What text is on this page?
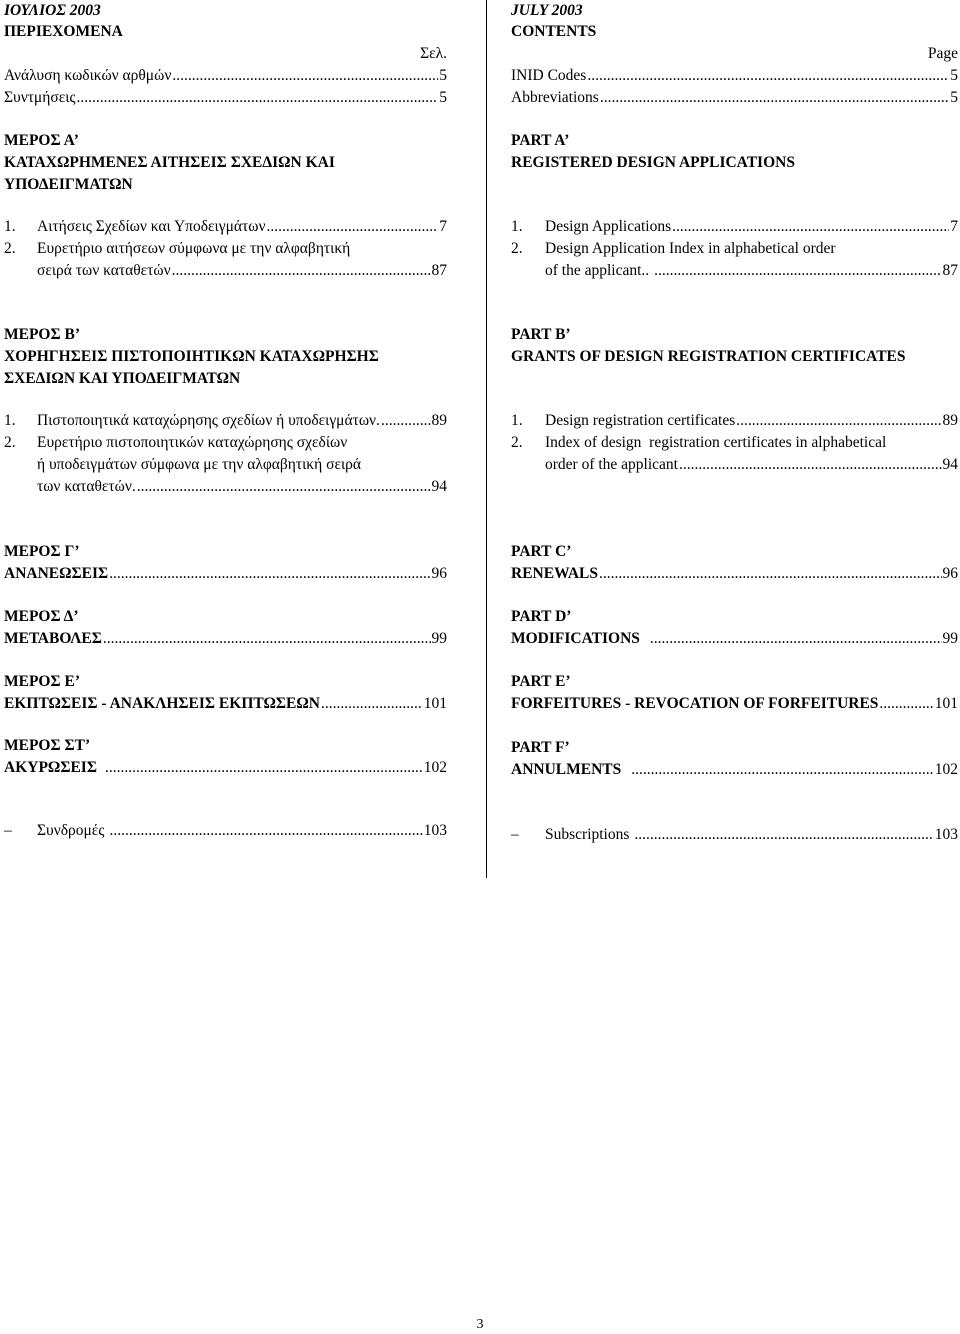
ΙΟΥΛΙΟΣ 2003
ΠΕΡΙΕΧΟΜΕΝΑ
Σελ.
Ανάλυση κωδικών αρθμών .....	5
Συντμήσεις .....	5
ΜΕΡΟΣ Α’
ΚΑΤΑΧΩΡΗΜΕΝΕΣ ΑΙΤΗΣΕΙΣ ΣΧΕΔΙΩΝ ΚΑΙ
ΥΠΟΔΕΙΓΜΑΤΩΝ
1.	Αιτήσεις Σχεδίων και Υποδειγμάτων .....	7
2. Ευρετήριο αιτήσεων σύμφωνα με την αλφαβητική
σειρά των καταθετών .....	87
ΜΕΡΟΣ Β’
ΧΟΡΗΓΗΣΕΙΣ ΠΙΣΤΟΠΟΙΗΤΙΚΩΝ ΚΑΤΑΧΩΡΗΣΗΣ
ΣΧΕΔΙΩΝ ΚΑΙ ΥΠΟΔΕΙΓΜΑΤΩΝ
1.	Πιστοποιητικά καταχώρησης σχεδίων ή υποδειγμάτων. .....	89
2. Ευρετήριο πιστοποιητικών καταχώρησης σχεδίων
ή υποδειγμάτων σύμφωνα με την αλφαβητική σειρά
των καταθετών. .....	94
ΜΕΡΟΣ Γ’
ΑΝΑΝΕΩΣΕΙΣ .....	96
ΜΕΡΟΣ Δ’
ΜΕΤΑΒΟΛΕΣ .....	99
ΜΕΡΟΣ Ε’
ΕΚΠΤΩΣΕΙΣ - ΑΝΑΚΛΗΣΕΙΣ ΕΚΠΤΩΣΕΩΝ .....	101
ΜΕΡΟΣ ΣΤ’
ΑΚΥΡΩΣΕΙΣ .....	102
Συνδρομές .....	103
–
JULY 2003
CONTENTS
Page
INID Codes .....	5
Abbreviations .....	5
PART A’
REGISTERED DESIGN APPLICATIONS
1.	Design Applications .....	7
2. Design Application Index in alphabetical order
of the applicant.. .....	87
PART B’
GRANTS OF DESIGN REGISTRATION CERTIFICATES
1.	Design registration certificates .....	89
2. Index of design  registration certificates in alphabetical
order of the applicant .....	94
PART C’
RENEWALS .....	96
PART D’
MODIFICATIONS .....	99
PART E’
FORFEITURES - REVOCATION OF FORFEITURES .....	101
PART F’
ANNULMENTS .....	102
Subscriptions .....	103
–
3
